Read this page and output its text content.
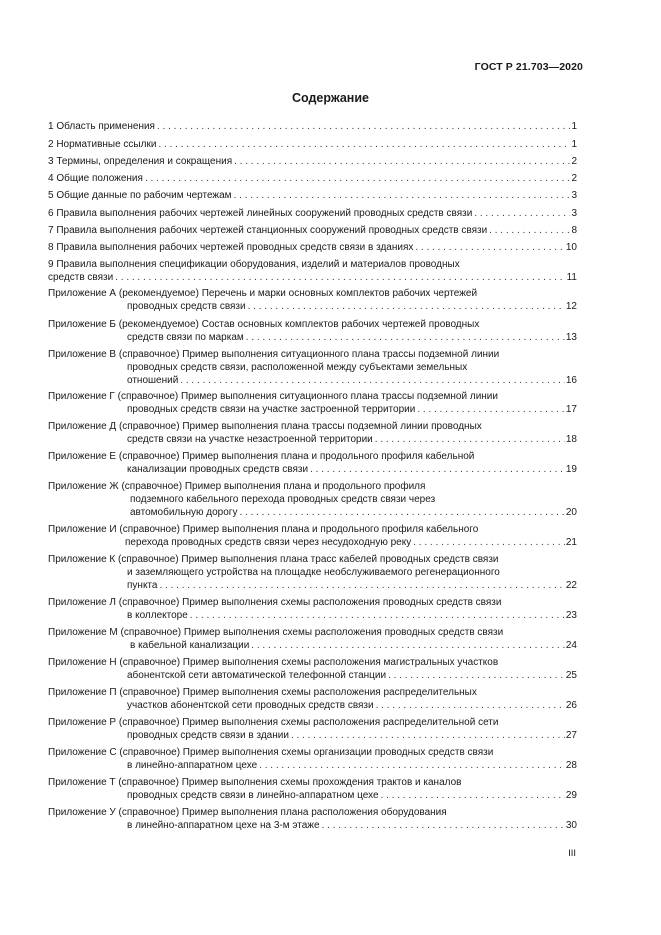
ГОСТ Р 21.703—2020
Содержание
1 Область применения . . .	1
2 Нормативные ссылки . . .	1
3 Термины, определения и сокращения . . .	2
4 Общие положения . . .	2
5 Общие данные по рабочим чертежам . . .	3
6 Правила выполнения рабочих чертежей линейных сооружений проводных средств связи . . .	3
7 Правила выполнения рабочих чертежей станционных сооружений проводных средств связи . . .	8
8 Правила выполнения рабочих чертежей проводных средств связи в зданиях . . .	10
9 Правила выполнения спецификации оборудования, изделий и материалов проводных
средств связи . . .	11
Приложение А (рекомендуемое) Перечень и марки основных комплектов рабочих чертежей
проводных средств связи . . .	12
Приложение Б (рекомендуемое) Состав основных комплектов рабочих чертежей проводных
средств связи по маркам . . .	13
Приложение В (справочное) Пример выполнения ситуационного плана трассы подземной линии
проводных средств связи, расположенной между субъектами земельных
отношений . . .	16
Приложение Г (справочное) Пример выполнения ситуационного плана трассы подземной линии
проводных средств связи на участке застроенной территории . . .	17
Приложение Д (справочное) Пример выполнения плана трассы подземной линии проводных
средств связи на участке незастроенной территории . . .	18
Приложение Е (справочное) Пример выполнения плана и продольного профиля кабельной
канализации проводных средств связи . . .	19
Приложение Ж (справочное) Пример выполнения плана и продольного профиля
подземного кабельного перехода проводных средств связи через
автомобильную дорогу . . .	20
Приложение И (справочное) Пример выполнения плана и продольного профиля кабельного
перехода проводных средств связи через несудоходную реку . . .	21
Приложение К (справочное) Пример выполнения плана трасс кабелей проводных средств связи
и заземляющего устройства на площадке необслуживаемого регенерационного
пункта . . .	22
Приложение Л (справочное) Пример выполнения схемы расположения проводных средств связи
в коллекторе . . .	23
Приложение М (справочное) Пример выполнения схемы расположения проводных средств связи
в кабельной канализации . . .	24
Приложение Н (справочное) Пример выполнения схемы расположения магистральных участков
абонентской сети автоматической телефонной станции . . .	25
Приложение П (справочное) Пример выполнения схемы расположения распределительных
участков абонентской сети проводных средств связи . . .	26
Приложение Р (справочное) Пример выполнения схемы расположения распределительной сети
проводных средств связи в здании . . .	27
Приложение С (справочное) Пример выполнения схемы организации проводных средств связи
в линейно-аппаратном цехе . . .	28
Приложение Т (справочное) Пример выполнения схемы прохождения трактов и каналов
проводных средств связи в линейно-аппаратном цехе . . .	29
Приложение У (справочное) Пример выполнения плана расположения оборудования
в линейно-аппаратном цехе на 3-м этаже . . .	30
III
